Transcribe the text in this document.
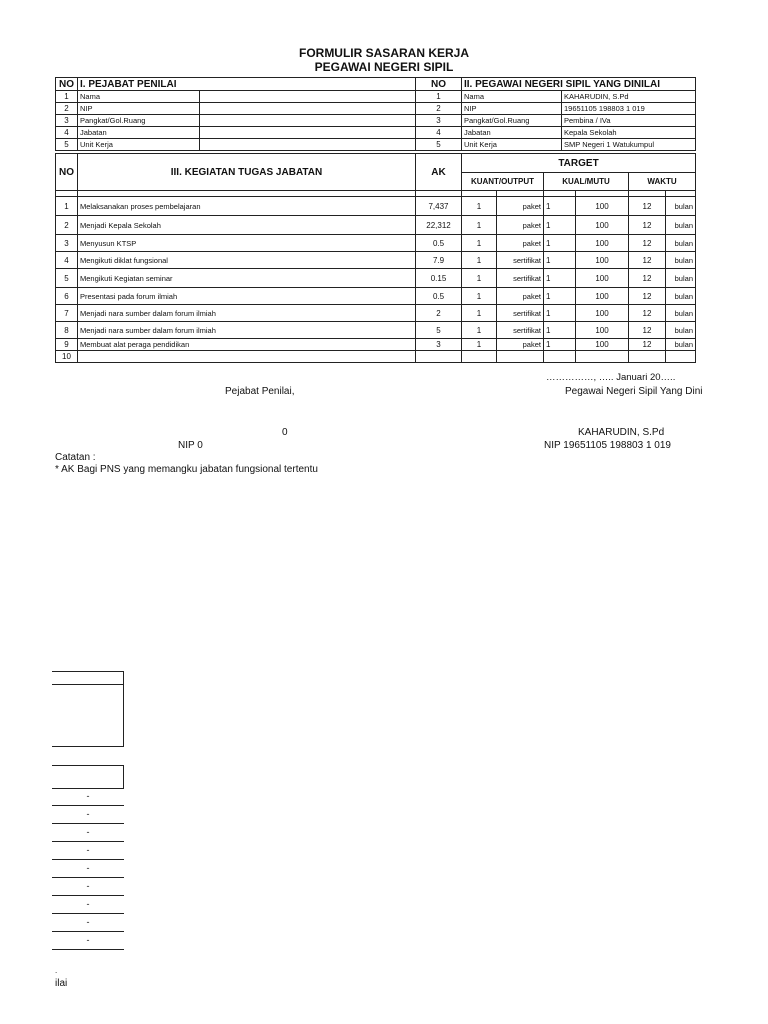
FORMULIR SASARAN KERJA
PEGAWAI NEGERI SIPIL
NO	I. PEJABAT PENILAI		NO	II. PEGAWAI NEGERI SIPIL YANG DINILAI	
1	Nama		1	Nama	KAHARUDIN, S.Pd
2	NIP		2	NIP	19651105 198803 1 019
3	Pangkat/Gol.Ruang		3	Pangkat/Gol.Ruang	Pembina / IVa
4	Jabatan		4	Jabatan	Kepala Sekolah
5	Unit Kerja		5	Unit Kerja	SMP Negeri 1 Watukumpul
NO	III. KEGIATAN TUGAS JABATAN	AK	TARGET					
			KUANT/OUTPUT		KUAL/MUTU		WAKTU	

1	Melaksanakan proses pembelajaran	7,437	1	paket	1	100	12	bulan
2	Menjadi Kepala Sekolah	22,312	1	paket	1	100	12	bulan
3	Menyusun KTSP	0.5	1	paket	1	100	12	bulan
4	Mengikuti diklat fungsional	7.9	1	sertifikat	1	100	12	bulan
5	Mengikuti Kegiatan seminar	0.15	1	sertifikat	1	100	12	bulan
6	Presentasi pada forum ilmiah	0.5	1	paket	1	100	12	bulan
7	Menjadi nara sumber dalam forum ilmiah	2	1	sertifikat	1	100	12	bulan
8	Menjadi nara sumber dalam forum ilmiah	5	1	sertifikat	1	100	12	bulan
9	Membuat alat peraga pendidikan	3	1	paket	1	100	12	bulan
10								
……………, ….. Januari 20…..
Pejabat Penilai,	Pegawai Negeri Sipil Yang Dini
0	KAHARUDIN, S.Pd
NIP 0	NIP 19651105 198803 1 019
Catatan :
* AK Bagi PNS yang memangku jabatan fungsional tertentu
-
-
-
-
-
-
-
-
-
.
ilai
